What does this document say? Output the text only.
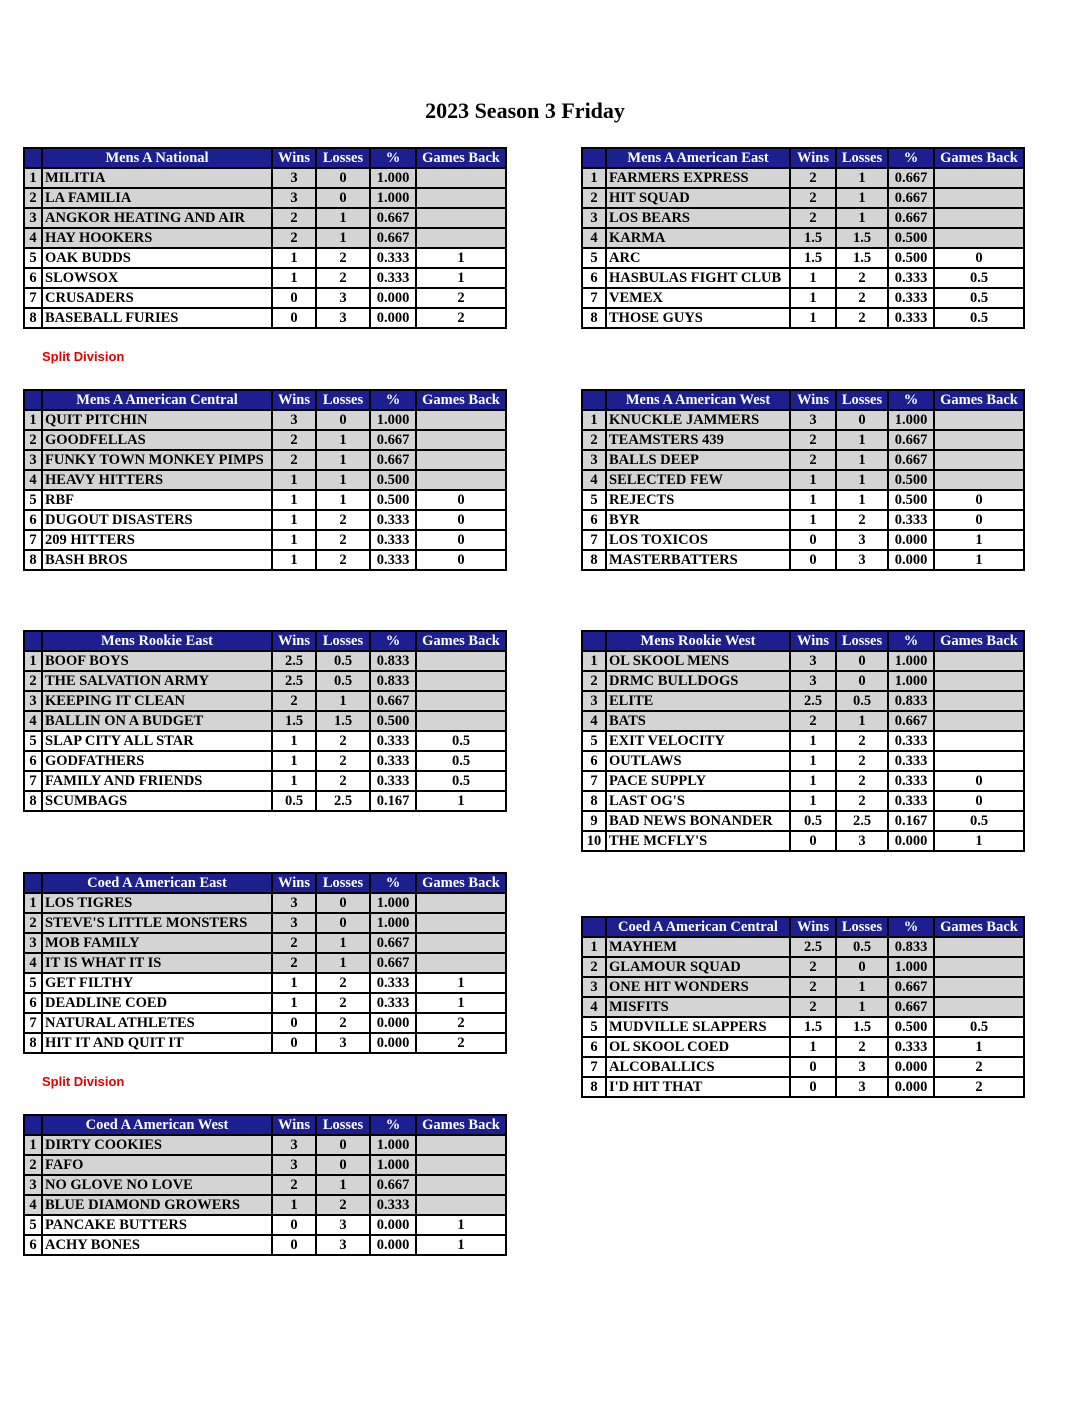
2023 Season 3 Friday
	Mens A National	Wins	Losses	%	Games Back
1	MILITIA	3	0	1.000	
2	LA FAMILIA	3	0	1.000	
3	ANGKOR HEATING AND AIR	2	1	0.667	
4	HAY HOOKERS	2	1	0.667	
5	OAK BUDDS	1	2	0.333	1
6	SLOWSOX	1	2	0.333	1
7	CRUSADERS	0	3	0.000	2
8	BASEBALL FURIES	0	3	0.000	2
Split Division
	Mens A American East	Wins	Losses	%	Games Back
1	FARMERS EXPRESS	2	1	0.667	
2	HIT SQUAD	2	1	0.667	
3	LOS BEARS	2	1	0.667	
4	KARMA	1.5	1.5	0.500	
5	ARC	1.5	1.5	0.500	0
6	HASBULAS FIGHT CLUB	1	2	0.333	0.5
7	VEMEX	1	2	0.333	0.5
8	THOSE GUYS	1	2	0.333	0.5
	Mens A American Central	Wins	Losses	%	Games Back
1	QUIT PITCHIN	3	0	1.000	
2	GOODFELLAS	2	1	0.667	
3	FUNKY TOWN MONKEY PIMPS	2	1	0.667	
4	HEAVY HITTERS	1	1	0.500	
5	RBF	1	1	0.500	0
6	DUGOUT DISASTERS	1	2	0.333	0
7	209 HITTERS	1	2	0.333	0
8	BASH BROS	1	2	0.333	0
	Mens A American West	Wins	Losses	%	Games Back
1	KNUCKLE JAMMERS	3	0	1.000	
2	TEAMSTERS 439	2	1	0.667	
3	BALLS DEEP	2	1	0.667	
4	SELECTED FEW	1	1	0.500	
5	REJECTS	1	1	0.500	0
6	BYR	1	2	0.333	0
7	LOS TOXICOS	0	3	0.000	1
8	MASTERBATTERS	0	3	0.000	1
	Mens Rookie East	Wins	Losses	%	Games Back
1	BOOF BOYS	2.5	0.5	0.833	
2	THE SALVATION ARMY	2.5	0.5	0.833	
3	KEEPING IT CLEAN	2	1	0.667	
4	BALLIN ON A BUDGET	1.5	1.5	0.500	
5	SLAP CITY ALL STAR	1	2	0.333	0.5
6	GODFATHERS	1	2	0.333	0.5
7	FAMILY AND FRIENDS	1	2	0.333	0.5
8	SCUMBAGS	0.5	2.5	0.167	1
	Mens Rookie West	Wins	Losses	%	Games Back
1	OL SKOOL MENS	3	0	1.000	
2	DRMC BULLDOGS	3	0	1.000	
3	ELITE	2.5	0.5	0.833	
4	BATS	2	1	0.667	
5	EXIT VELOCITY	1	2	0.333	
6	OUTLAWS	1	2	0.333	
7	PACE SUPPLY	1	2	0.333	0
8	LAST OG'S	1	2	0.333	0
9	BAD NEWS BONANDER	0.5	2.5	0.167	0.5
10	THE MCFLY'S	0	3	0.000	1
	Coed A American East	Wins	Losses	%	Games Back
1	LOS TIGRES	3	0	1.000	
2	STEVE'S LITTLE MONSTERS	3	0	1.000	
3	MOB FAMILY	2	1	0.667	
4	IT IS WHAT IT IS	2	1	0.667	
5	GET FILTHY	1	2	0.333	1
6	DEADLINE COED	1	2	0.333	1
7	NATURAL ATHLETES	0	2	0.000	2
8	HIT IT AND QUIT IT	0	3	0.000	2
Split Division
	Coed A American Central	Wins	Losses	%	Games Back
1	MAYHEM	2.5	0.5	0.833	
2	GLAMOUR SQUAD	2	0	1.000	
3	ONE HIT WONDERS	2	1	0.667	
4	MISFITS	2	1	0.667	
5	MUDVILLE SLAPPERS	1.5	1.5	0.500	0.5
6	OL SKOOL COED	1	2	0.333	1
7	ALCOBALLICS	0	3	0.000	2
8	I'D HIT THAT	0	3	0.000	2
	Coed A American West	Wins	Losses	%	Games Back
1	DIRTY COOKIES	3	0	1.000	
2	FAFO	3	0	1.000	
3	NO GLOVE NO LOVE	2	1	0.667	
4	BLUE DIAMOND GROWERS	1	2	0.333	
5	PANCAKE BUTTERS	0	3	0.000	1
6	ACHY BONES	0	3	0.000	1
